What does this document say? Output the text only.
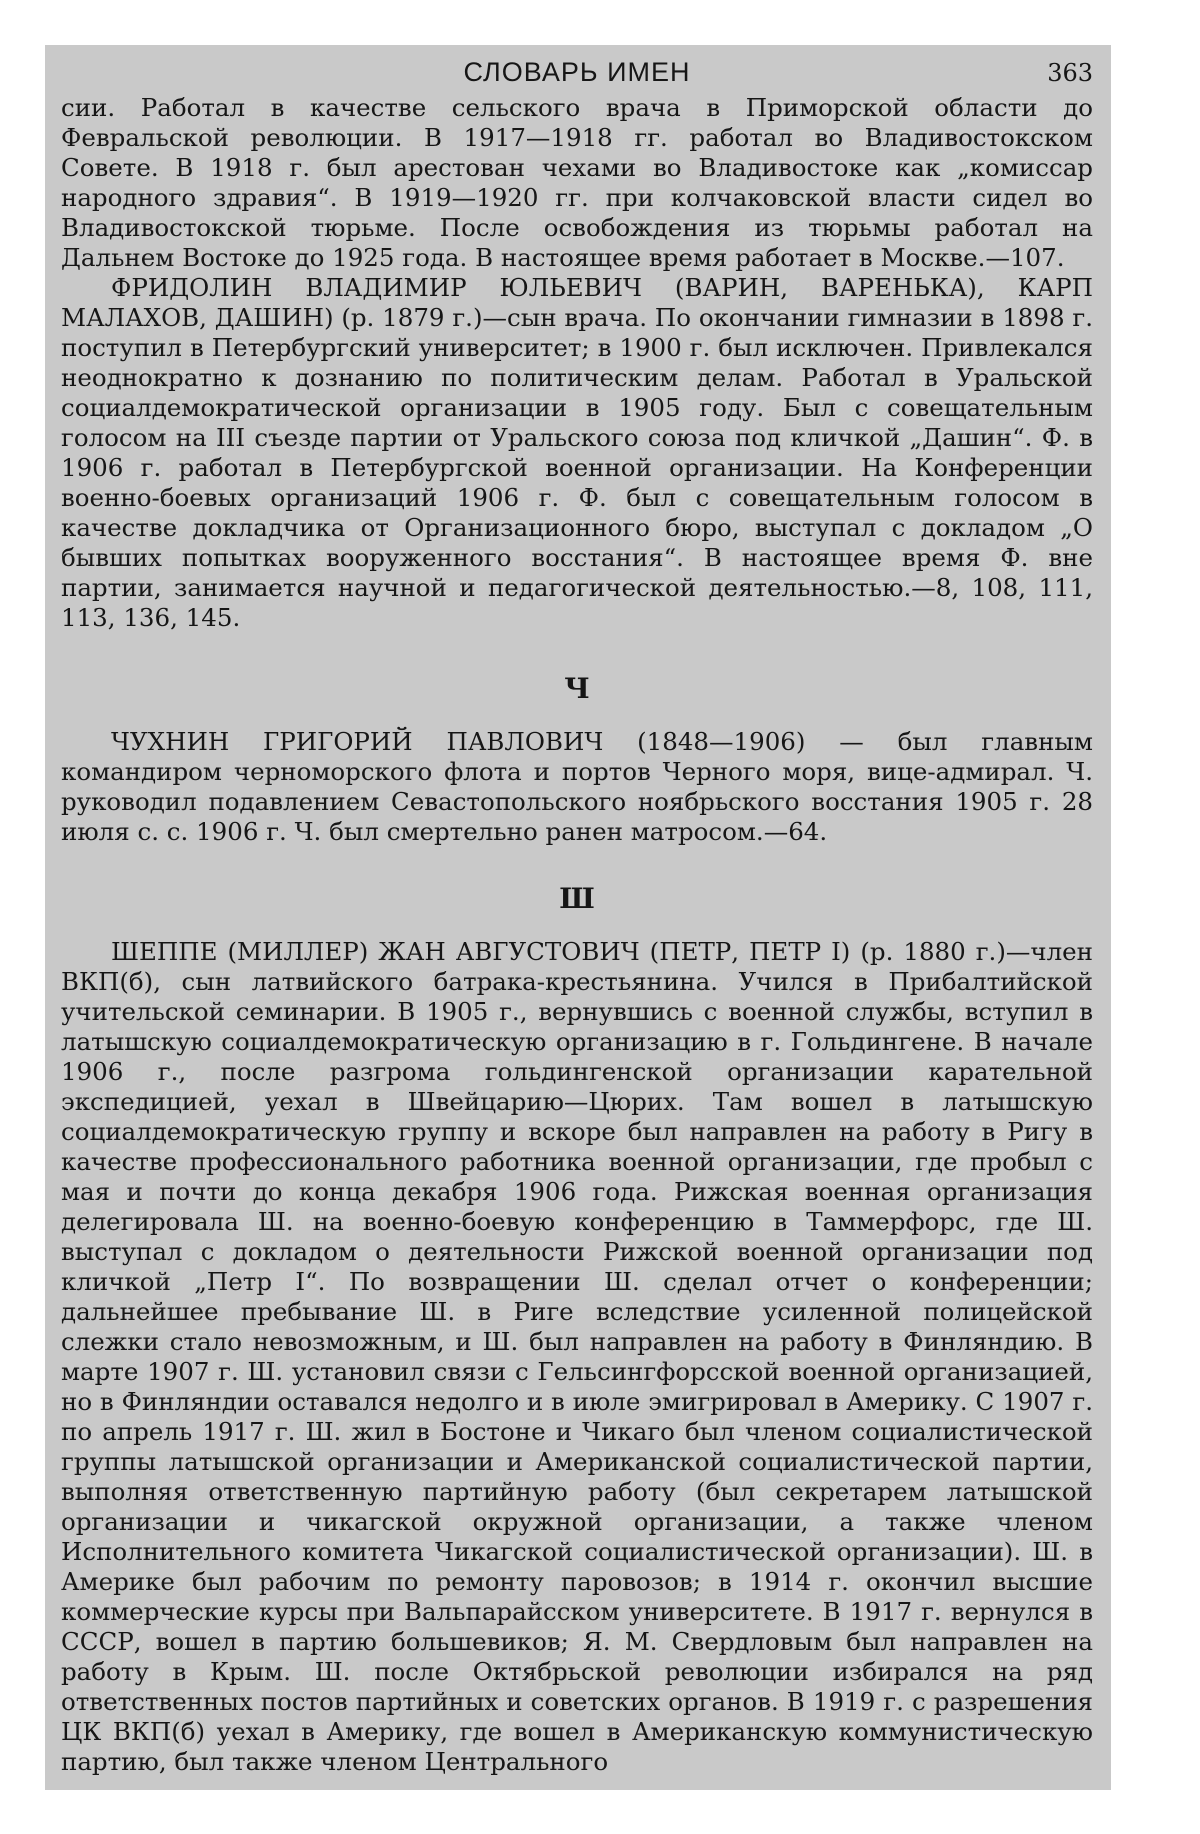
СЛОВАРЬ ИМЕН	363

сии. Работал в качестве сельского врача в Приморской области до Февральской революции. В 1917—1918 гг. работал во Владивостокском Совете. В 1918 г. был арестован чехами во Владивостоке как „комиссар народного здравия“. В 1919—1920 гг. при колчаковской власти сидел во Владивостокской тюрьме. После освобождения из тюрьмы работал на Дальнем Востоке до 1925 года. В настоящее время работает в Москве.—107.

ФРИДОЛИН ВЛАДИМИР ЮЛЬЕВИЧ (ВАРИН, ВАРЕНЬКА), КАРП МАЛАХОВ, ДАШИН) (р. 1879 г.)—сын врача. По окончании гимназии в 1898 г. поступил в Петербургский университет; в 1900 г. был исключен. Привлекался неоднократно к дознанию по политическим делам. Работал в Уральской социалдемократической организации в 1905 году. Был с совещательным голосом на III съезде партии от Уральского союза под кличкой „Дашин“. Ф. в 1906 г. работал в Петербургской военной организации. На Конференции военно-боевых организаций 1906 г. Ф. был с совещательным голосом в качестве докладчика от Организационного бюро, выступал с докладом „О бывших попытках вооруженного восстания“. В настоящее время Ф. вне партии, занимается научной и педагогической деятельностью.—8, 108, 111, 113, 136, 145.

Ч

ЧУХНИН ГРИГОРИЙ ПАВЛОВИЧ (1848—1906) — был главным командиром черноморского флота и портов Черного моря, вице-адмирал. Ч. руководил подавлением Севастопольского ноябрьского восстания 1905 г. 28 июля с. с. 1906 г. Ч. был смертельно ранен матросом.—64.

Ш

ШЕППЕ (МИЛЛЕР) ЖАН АВГУСТОВИЧ (ПЕТР, ПЕТР I) (р. 1880 г.)—член ВКП(б), сын латвийского батрака-крестьянина. Учился в Прибалтийской учительской семинарии. В 1905 г., вернувшись с военной службы, вступил в латышскую социалдемократическую организацию в г. Гольдингене. В начале 1906 г., после разгрома гольдингенской организации карательной экспедицией, уехал в Швейцарию—Цюрих. Там вошел в латышскую социалдемократическую группу и вскоре был направлен на работу в Ригу в качестве профессионального работника военной организации, где пробыл с мая и почти до конца декабря 1906 года. Рижская военная организация делегировала Ш. на военно-боевую конференцию в Таммерфорс, где Ш. выступал с докладом о деятельности Рижской военной организации под кличкой „Петр I“. По возвращении Ш. сделал отчет о конференции; дальнейшее пребывание Ш. в Риге вследствие усиленной полицейской слежки стало невозможным, и Ш. был направлен на работу в Финляндию. В марте 1907 г. Ш. установил связи с Гельсингфорсской военной организацией, но в Финляндии оставался недолго и в июле эмигрировал в Америку. С 1907 г. по апрель 1917 г. Ш. жил в Бостоне и Чикаго был членом социалистической группы латышской организации и Американской социалистической партии, выполняя ответственную партийную работу (был секретарем латышской организации и чикагской окружной организации, а также членом Исполнительного комитета Чикагской социалистической организации). Ш. в Америке был рабочим по ремонту паровозов; в 1914 г. окончил высшие коммерческие курсы при Вальпарайсском университете. В 1917 г. вернулся в СССР, вошел в партию большевиков; Я. М. Свердловым был направлен на работу в Крым. Ш. после Октябрьской революции избирался на ряд ответственных постов партийных и советских органов. В 1919 г. с разрешения ЦК ВКП(б) уехал в Америку, где вошел в Американскую коммунистическую партию, был также членом Центрального
